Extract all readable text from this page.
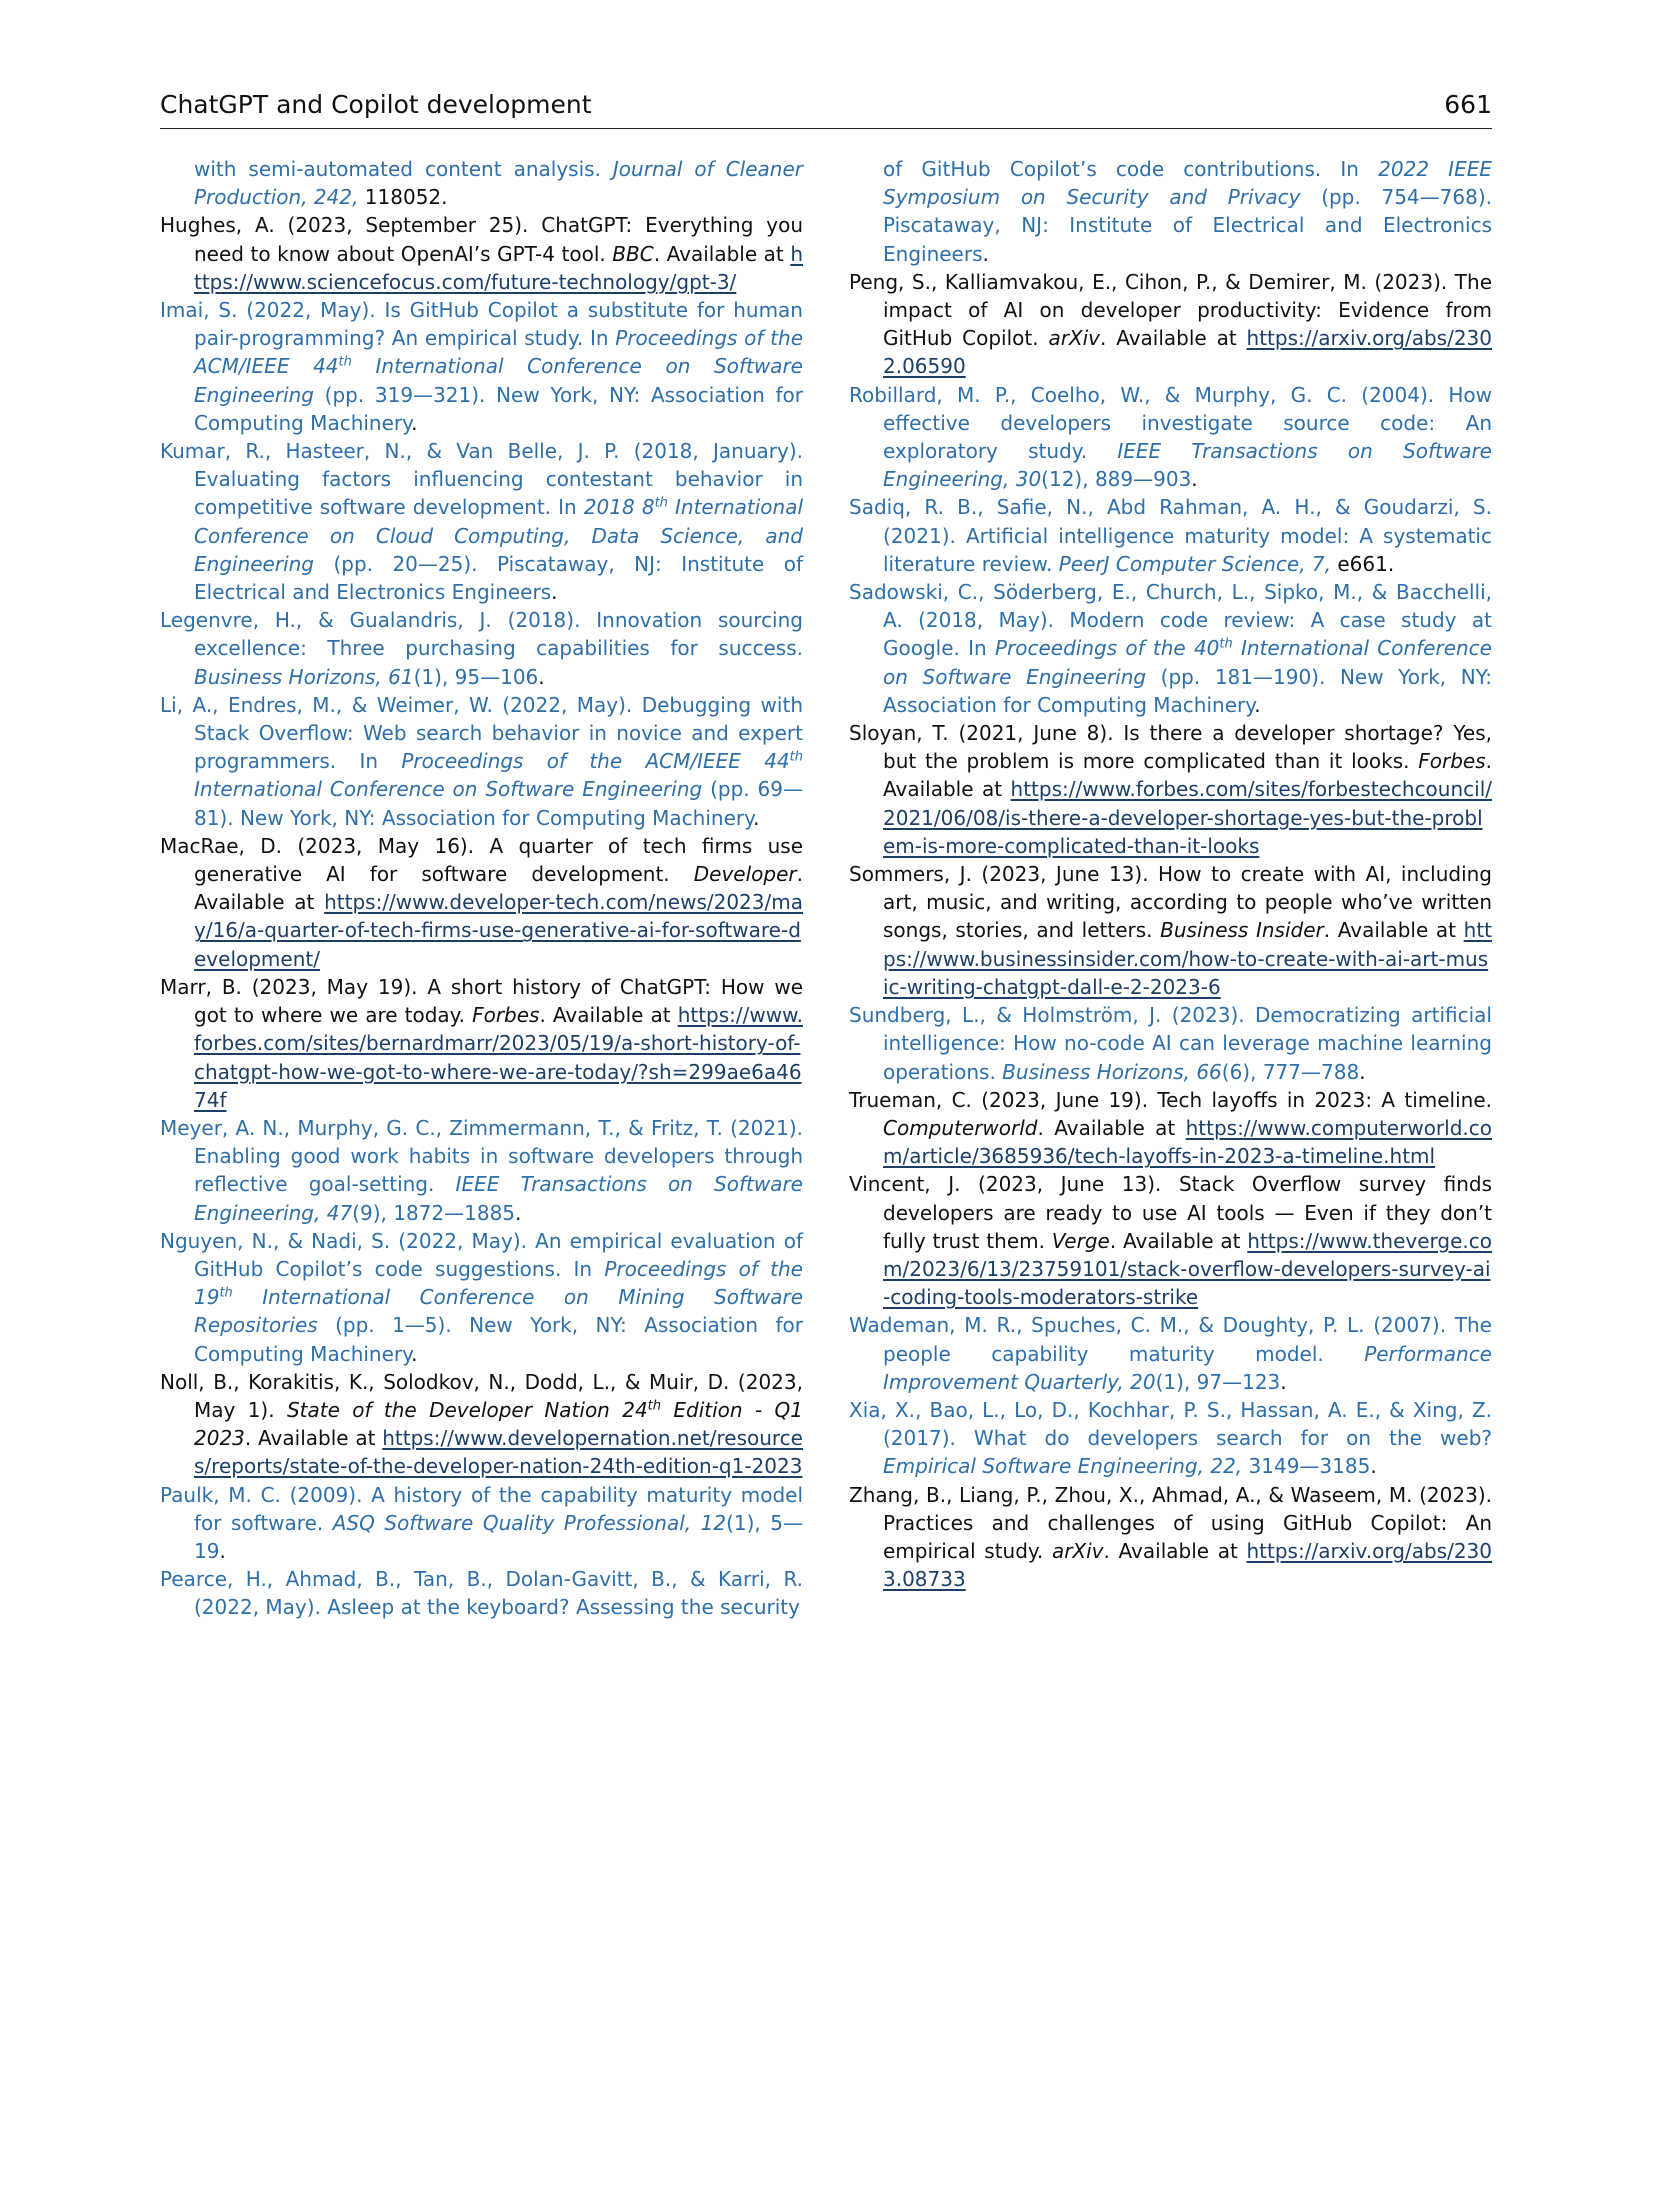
ChatGPT and Copilot development	661

with semi-automated content analysis. Journal of Cleaner Production, 242, 118052.

Hughes, A. (2023, September 25). ChatGPT: Everything you need to know about OpenAI’s GPT-4 tool. BBC. Available at https://www.sciencefocus.com/future-technology/gpt-3/

Imai, S. (2022, May). Is GitHub Copilot a substitute for human pair-programming? An empirical study. In Proceedings of the ACM/IEEE 44th International Conference on Software Engineering (pp. 319—321). New York, NY: Association for Computing Machinery.

Kumar, R., Hasteer, N., & Van Belle, J. P. (2018, January). Evaluating factors influencing contestant behavior in competitive software development. In 2018 8th International Conference on Cloud Computing, Data Science, and Engineering (pp. 20—25). Piscataway, NJ: Institute of Electrical and Electronics Engineers.

Legenvre, H., & Gualandris, J. (2018). Innovation sourcing excellence: Three purchasing capabilities for success. Business Horizons, 61(1), 95—106.

Li, A., Endres, M., & Weimer, W. (2022, May). Debugging with Stack Overflow: Web search behavior in novice and expert programmers. In Proceedings of the ACM/IEEE 44th International Conference on Software Engineering (pp. 69—81). New York, NY: Association for Computing Machinery.

MacRae, D. (2023, May 16). A quarter of tech firms use generative AI for software development. Developer. Available at https://www.developer-tech.com/news/2023/may/16/a-quarter-of-tech-firms-use-generative-ai-for-software-development/

Marr, B. (2023, May 19). A short history of ChatGPT: How we got to where we are today. Forbes. Available at https://www.forbes.com/sites/bernardmarr/2023/05/19/a-short-history-of-chatgpt-how-we-got-to-where-we-are-today/?sh=299ae6a4674f

Meyer, A. N., Murphy, G. C., Zimmermann, T., & Fritz, T. (2021). Enabling good work habits in software developers through reflective goal-setting. IEEE Transactions on Software Engineering, 47(9), 1872—1885.

Nguyen, N., & Nadi, S. (2022, May). An empirical evaluation of GitHub Copilot’s code suggestions. In Proceedings of the 19th International Conference on Mining Software Repositories (pp. 1—5). New York, NY: Association for Computing Machinery.

Noll, B., Korakitis, K., Solodkov, N., Dodd, L., & Muir, D. (2023, May 1). State of the Developer Nation 24th Edition - Q1 2023. Available at https://www.developernation.net/resources/reports/state-of-the-developer-nation-24th-edition-q1-2023

Paulk, M. C. (2009). A history of the capability maturity model for software. ASQ Software Quality Professional, 12(1), 5—19.

Pearce, H., Ahmad, B., Tan, B., Dolan-Gavitt, B., & Karri, R. (2022, May). Asleep at the keyboard? Assessing the security

of GitHub Copilot’s code contributions. In 2022 IEEE Symposium on Security and Privacy (pp. 754—768). Piscataway, NJ: Institute of Electrical and Electronics Engineers.

Peng, S., Kalliamvakou, E., Cihon, P., & Demirer, M. (2023). The impact of AI on developer productivity: Evidence from GitHub Copilot. arXiv. Available at https://arxiv.org/abs/2302.06590

Robillard, M. P., Coelho, W., & Murphy, G. C. (2004). How effective developers investigate source code: An exploratory study. IEEE Transactions on Software Engineering, 30(12), 889—903.

Sadiq, R. B., Safie, N., Abd Rahman, A. H., & Goudarzi, S. (2021). Artificial intelligence maturity model: A systematic literature review. PeerJ Computer Science, 7, e661.

Sadowski, C., Söderberg, E., Church, L., Sipko, M., & Bacchelli, A. (2018, May). Modern code review: A case study at Google. In Proceedings of the 40th International Conference on Software Engineering (pp. 181—190). New York, NY: Association for Computing Machinery.

Sloyan, T. (2021, June 8). Is there a developer shortage? Yes, but the problem is more complicated than it looks. Forbes. Available at https://www.forbes.com/sites/forbestechcouncil/2021/06/08/is-there-a-developer-shortage-yes-but-the-problem-is-more-complicated-than-it-looks

Sommers, J. (2023, June 13). How to create with AI, including art, music, and writing, according to people who’ve written songs, stories, and letters. Business Insider. Available at https://www.businessinsider.com/how-to-create-with-ai-art-music-writing-chatgpt-dall-e-2-2023-6

Sundberg, L., & Holmström, J. (2023). Democratizing artificial intelligence: How no-code AI can leverage machine learning operations. Business Horizons, 66(6), 777—788.

Trueman, C. (2023, June 19). Tech layoffs in 2023: A timeline. Computerworld. Available at https://www.computerworld.com/article/3685936/tech-layoffs-in-2023-a-timeline.html

Vincent, J. (2023, June 13). Stack Overflow survey finds developers are ready to use AI tools — Even if they don’t fully trust them. Verge. Available at https://www.theverge.com/2023/6/13/23759101/stack-overflow-developers-survey-ai-coding-tools-moderators-strike

Wademan, M. R., Spuches, C. M., & Doughty, P. L. (2007). The people capability maturity model. Performance Improvement Quarterly, 20(1), 97—123.

Xia, X., Bao, L., Lo, D., Kochhar, P. S., Hassan, A. E., & Xing, Z. (2017). What do developers search for on the web? Empirical Software Engineering, 22, 3149—3185.

Zhang, B., Liang, P., Zhou, X., Ahmad, A., & Waseem, M. (2023). Practices and challenges of using GitHub Copilot: An empirical study. arXiv. Available at https://arxiv.org/abs/2303.08733
